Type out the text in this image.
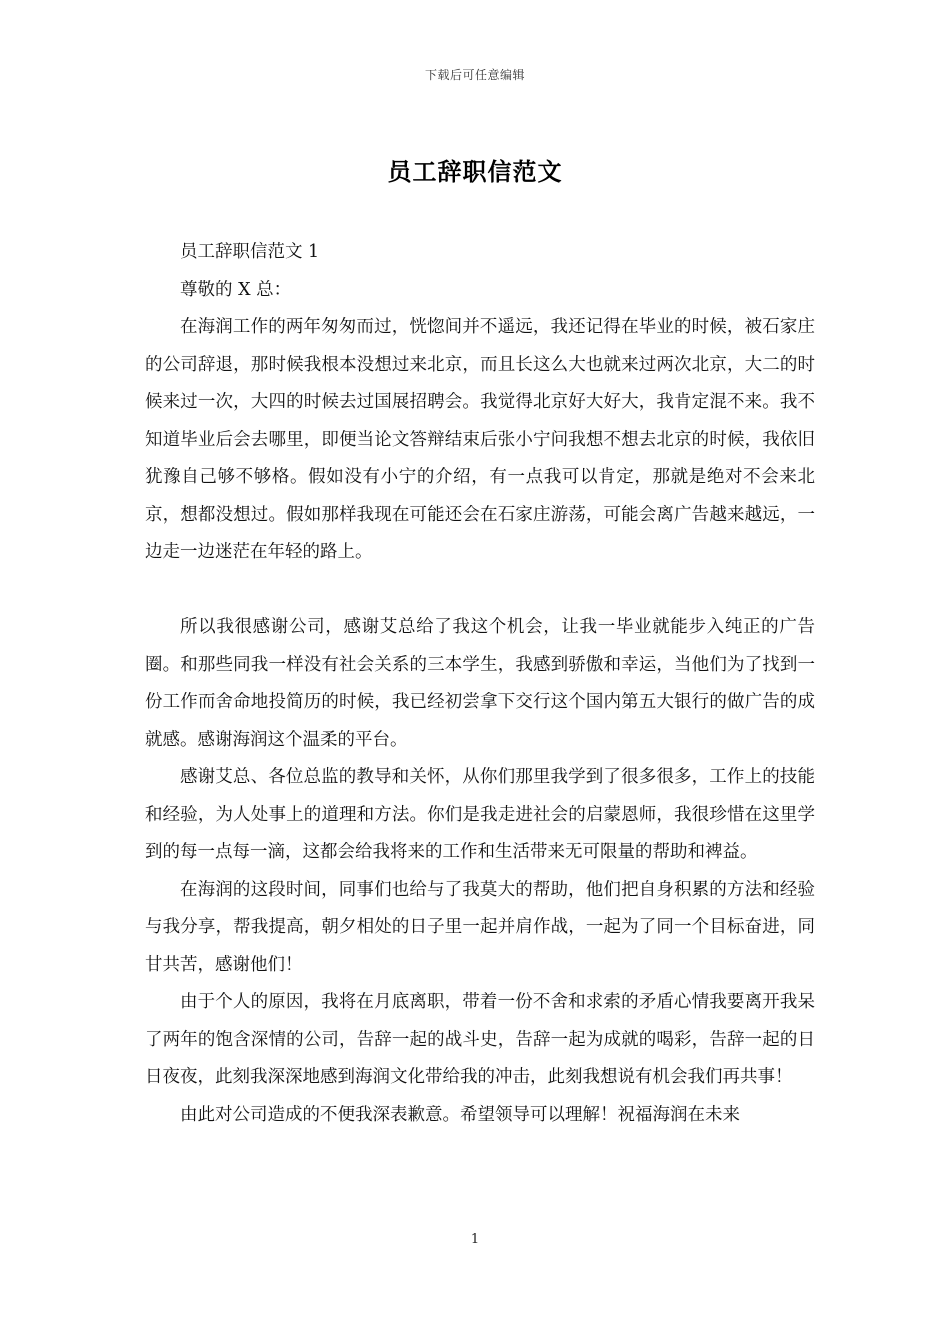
下载后可任意编辑
员工辞职信范文

员工辞职信范文 1

尊敬的 X 总：

在海润工作的两年匆匆而过，恍惚间并不遥远，我还记得在毕业的时候，被石家庄的公司辞退，那时候我根本没想过来北京，而且长这么大也就来过两次北京，大二的时候来过一次，大四的时候去过国展招聘会。我觉得北京好大好大，我肯定混不来。我不知道毕业后会去哪里，即便当论文答辩结束后张小宁问我想不想去北京的时候，我依旧犹豫自己够不够格。假如没有小宁的介绍，有一点我可以肯定，那就是绝对不会来北京，想都没想过。假如那样我现在可能还会在石家庄游荡，可能会离广告越来越远，一边走一边迷茫在年轻的路上。

所以我很感谢公司，感谢艾总给了我这个机会，让我一毕业就能步入纯正的广告圈。和那些同我一样没有社会关系的三本学生，我感到骄傲和幸运，当他们为了找到一份工作而舍命地投简历的时候，我已经初尝拿下交行这个国内第五大银行的做广告的成就感。感谢海润这个温柔的平台。

感谢艾总、各位总监的教导和关怀，从你们那里我学到了很多很多，工作上的技能和经验，为人处事上的道理和方法。你们是我走进社会的启蒙恩师，我很珍惜在这里学到的每一点每一滴，这都会给我将来的工作和生活带来无可限量的帮助和裨益。

在海润的这段时间，同事们也给与了我莫大的帮助，他们把自身积累的方法和经验与我分享，帮我提高，朝夕相处的日子里一起并肩作战，一起为了同一个目标奋进，同甘共苦，感谢他们！

由于个人的原因，我将在月底离职，带着一份不舍和求索的矛盾心情我要离开我呆了两年的饱含深情的公司，告辞一起的战斗史，告辞一起为成就的喝彩，告辞一起的日日夜夜，此刻我深深地感到海润文化带给我的冲击，此刻我想说有机会我们再共事！

由此对公司造成的不便我深表歉意。希望领导可以理解！祝福海润在未来

1
